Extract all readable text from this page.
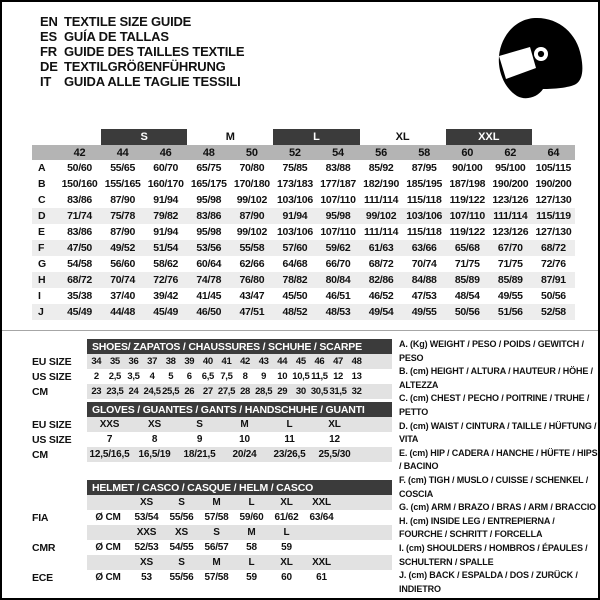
EN TEXTILE SIZE GUIDE
ES GUÍA DE TALLAS
FR GUIDE DES TAILLES TEXTILE
DE TEXTILGRÖßENFÜHRUNG
IT GUIDA ALLE TAGLIE TESSILI
		S		M		L		XL		XXL		
	42	44	46	48	50	52	54	56	58	60	62	64
A	50/60	55/65	60/70	65/75	70/80	75/85	83/88	85/92	87/95	90/100	95/100	105/115
B	150/160	155/165	160/170	165/175	170/180	173/183	177/187	182/190	185/195	187/198	190/200	190/200
C	83/86	87/90	91/94	95/98	99/102	103/106	107/110	111/114	115/118	119/122	123/126	127/130
D	71/74	75/78	79/82	83/86	87/90	91/94	95/98	99/102	103/106	107/110	111/114	115/119
E	83/86	87/90	91/94	95/98	99/102	103/106	107/110	111/114	115/118	119/122	123/126	127/130
F	47/50	49/52	51/54	53/56	55/58	57/60	59/62	61/63	63/66	65/68	67/70	68/72
G	54/58	56/60	58/62	60/64	62/66	64/68	66/70	68/72	70/74	71/75	71/75	72/76
H	68/72	70/74	72/76	74/78	76/80	78/82	80/84	82/86	84/88	85/89	85/89	87/91
I	35/38	37/40	39/42	41/45	43/47	45/50	46/51	46/52	47/53	48/54	49/55	50/56
J	45/49	44/48	45/49	46/50	47/51	48/52	48/53	49/54	49/55	50/56	51/56	52/58
	SHOES/ ZAPATOS / CHAUSSURES / SCHUHE / SCARPE															
EU SIZE	34	35	36	37	38	39	40	41	42	43	44	45	46	47	48	
US SIZE	2	2,5	3,5	4	5	6	6,5	7,5	8	9	10	10,5	11,5	12	13	
CM	23	23,5	24	24,5	25,5	26	27	27,5	28	28,5	29	30	30,5	31,5	32	
	GLOVES / GUANTES / GANTS / HANDSCHUHE / GUANTI						
EU SIZE	XXS	XS	S	M	L	XL	
US SIZE	7	8	9	10	11	12	
CM	12,5/16,5	16,5/19	18/21,5	20/24	23/26,5	25,5/30	
	HELMET / CASCO / CASQUE / HELM / CASCO							
		XS	S	M	L	XL	XXL	
FIA	Ø CM	53/54	55/56	57/58	59/60	61/62	63/64	
		XXS	XS	S	M	L		
CMR	Ø CM	52/53	54/55	56/57	58	59		
		XS	S	M	L	XL	XXL	
ECE	Ø CM	53	55/56	57/58	59	60	61	
A. (Kg) WEIGHT / PESO / POIDS / GEWITCH / PESO
B. (cm) HEIGHT / ALTURA / HAUTEUR / HÖHE / ALTEZZA
C. (cm) CHEST / PECHO / POITRINE / TRUHE / PETTO
D. (cm) WAIST / CINTURA / TAILLE / HÜFTUNG / VITA
E. (cm) HIP / CADERA / HANCHE / HÜFTE / HIPS / BACINO
F. (cm) TIGH / MUSLO / CUISSE / SCHENKEL / COSCIA
G. (cm) ARM / BRAZO / BRAS / ARM / BRACCIO
H. (cm) INSIDE LEG / ENTREPIERNA / FOURCHE / SCHRITT / FORCELLA
I. (cm) SHOULDERS / HOMBROS / ÉPAULES / SCHULTERN / SPALLE
J. (cm) BACK / ESPALDA / DOS / ZURÜCK / INDIETRO
